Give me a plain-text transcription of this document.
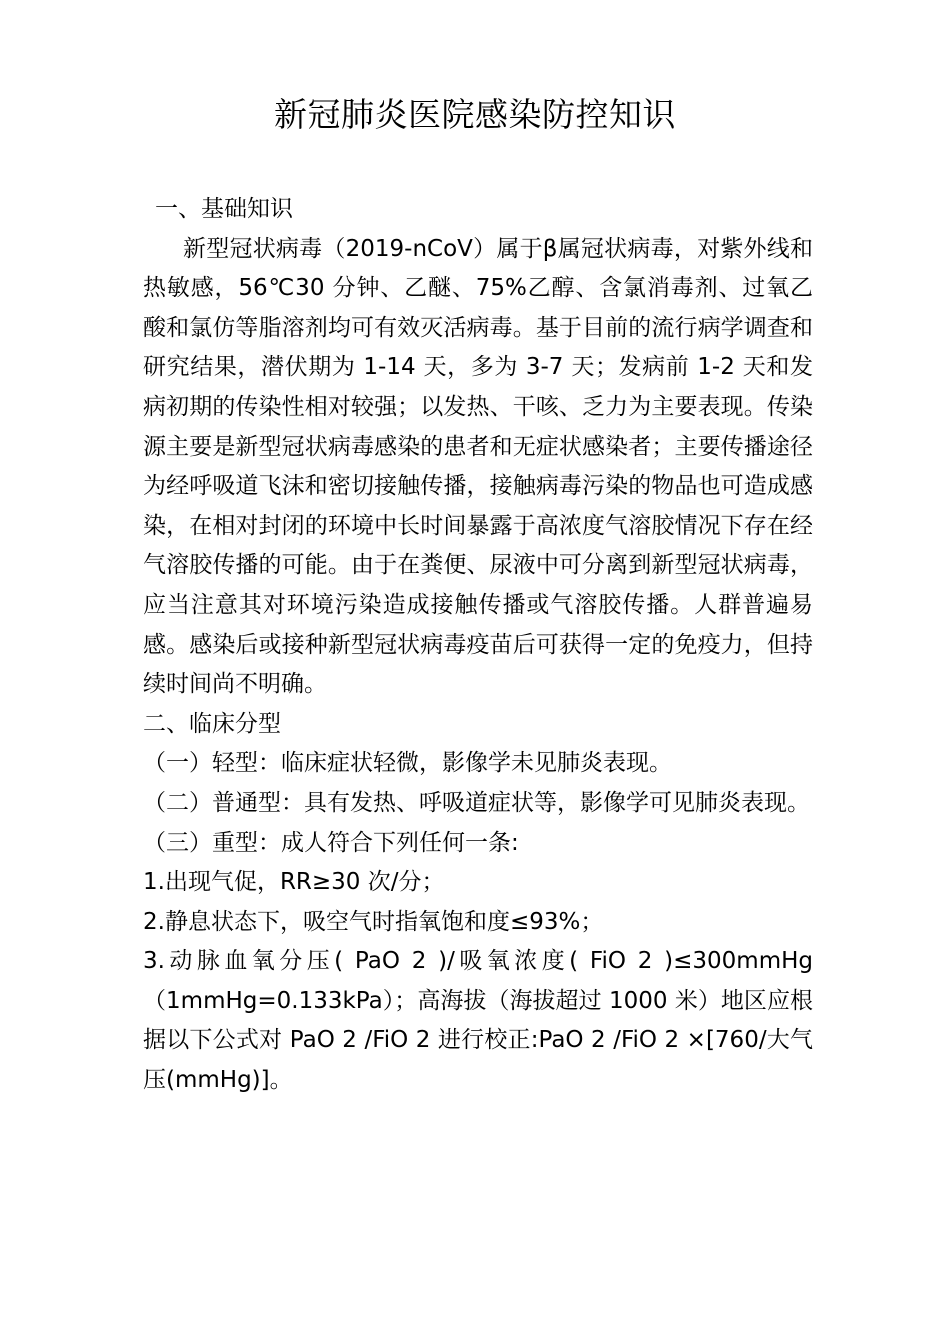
新冠肺炎医院感染防控知识

一、基础知识

新型冠状病毒（2019-nCoV）属于β属冠状病毒，对紫外线和热敏感，56℃30 分钟、乙醚、75%乙醇、含氯消毒剂、过氧乙酸和氯仿等脂溶剂均可有效灭活病毒。基于目前的流行病学调查和研究结果，潜伏期为 1-14 天，多为 3-7 天；发病前 1-2 天和发病初期的传染性相对较强；以发热、干咳、乏力为主要表现。传染源主要是新型冠状病毒感染的患者和无症状感染者；主要传播途径为经呼吸道飞沫和密切接触传播，接触病毒污染的物品也可造成感染，在相对封闭的环境中长时间暴露于高浓度气溶胶情况下存在经气溶胶传播的可能。由于在粪便、尿液中可分离到新型冠状病毒，应当注意其对环境污染造成接触传播或气溶胶传播。人群普遍易感。感染后或接种新型冠状病毒疫苗后可获得一定的免疫力，但持续时间尚不明确。

二、临床分型

（一）轻型：临床症状轻微，影像学未见肺炎表现。

（二）普通型：具有发热、呼吸道症状等，影像学可见肺炎表现。

（三）重型：成人符合下列任何一条:

1.出现气促，RR≥30 次/分；

2.静息状态下，吸空气时指氧饱和度≤93%；

3.动脉血氧分压( PaO 2 )/吸氧浓度( FiO 2 )≤300mmHg（1mmHg=0.133kPa）；高海拔（海拔超过 1000 米）地区应根据以下公式对 PaO 2 /FiO 2 进行校正:PaO 2 /FiO 2 ×[760/大气压(mmHg)]。
